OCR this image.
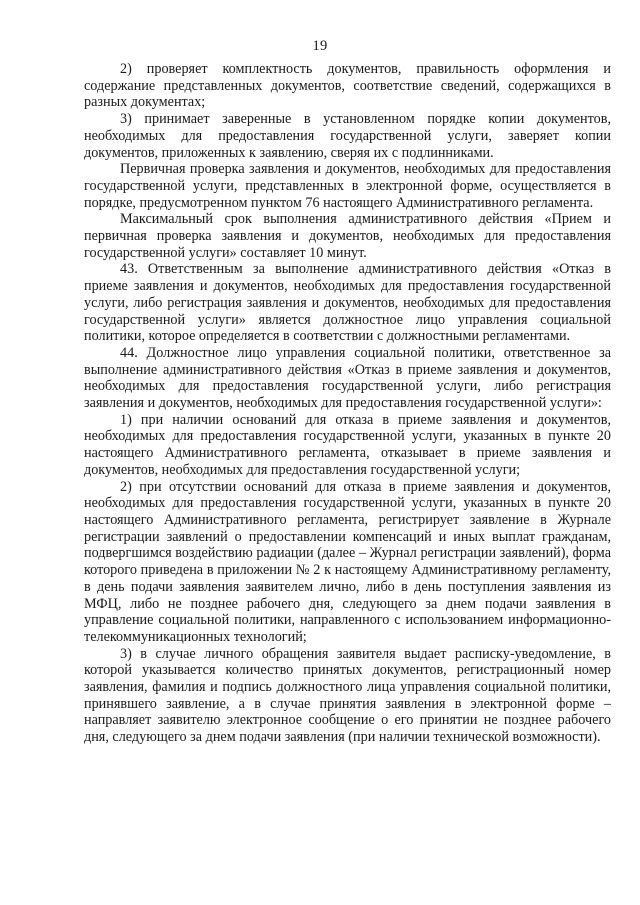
19

2) проверяет комплектность документов, правильность оформления и содержание представленных документов, соответствие сведений, содержащихся в разных документах;

3) принимает заверенные в установленном порядке копии документов, необходимых для предоставления государственной услуги, заверяет копии документов, приложенных к заявлению, сверяя их с подлинниками.

Первичная проверка заявления и документов, необходимых для предоставления государственной услуги, представленных в электронной форме, осуществляется в порядке, предусмотренном пунктом 76 настоящего Административного регламента.

Максимальный срок выполнения административного действия «Прием и первичная проверка заявления и документов, необходимых для предоставления государственной услуги» составляет 10 минут.

43. Ответственным за выполнение административного действия «Отказ в приеме заявления и документов, необходимых для предоставления государственной услуги, либо регистрация заявления и документов, необходимых для предоставления государственной услуги» является должностное лицо управления социальной политики, которое определяется в соответствии с должностными регламентами.

44. Должностное лицо управления социальной политики, ответственное за выполнение административного действия «Отказ в приеме заявления и документов, необходимых для предоставления государственной услуги, либо регистрация заявления и документов, необходимых для предоставления государственной услуги»:

1) при наличии оснований для отказа в приеме заявления и документов, необходимых для предоставления государственной услуги, указанных в пункте 20 настоящего Административного регламента, отказывает в приеме заявления и документов, необходимых для предоставления государственной услуги;

2) при отсутствии оснований для отказа в приеме заявления и документов, необходимых для предоставления государственной услуги, указанных в пункте 20 настоящего Административного регламента, регистрирует заявление в Журнале регистрации заявлений о предоставлении компенсаций и иных выплат гражданам, подвергшимся воздействию радиации (далее – Журнал регистрации заявлений), форма которого приведена в приложении № 2 к настоящему Административному регламенту, в день подачи заявления заявителем лично, либо в день поступления заявления из МФЦ, либо не позднее рабочего дня, следующего за днем подачи заявления в управление социальной политики, направленного с использованием информационно-телекоммуникационных технологий;

3) в случае личного обращения заявителя выдает расписку-уведомление, в которой указывается количество принятых документов, регистрационный номер заявления, фамилия и подпись должностного лица управления социальной политики, принявшего заявление, а в случае принятия заявления в электронной форме – направляет заявителю электронное сообщение о его принятии не позднее рабочего дня, следующего за днем подачи заявления (при наличии технической возможности).
